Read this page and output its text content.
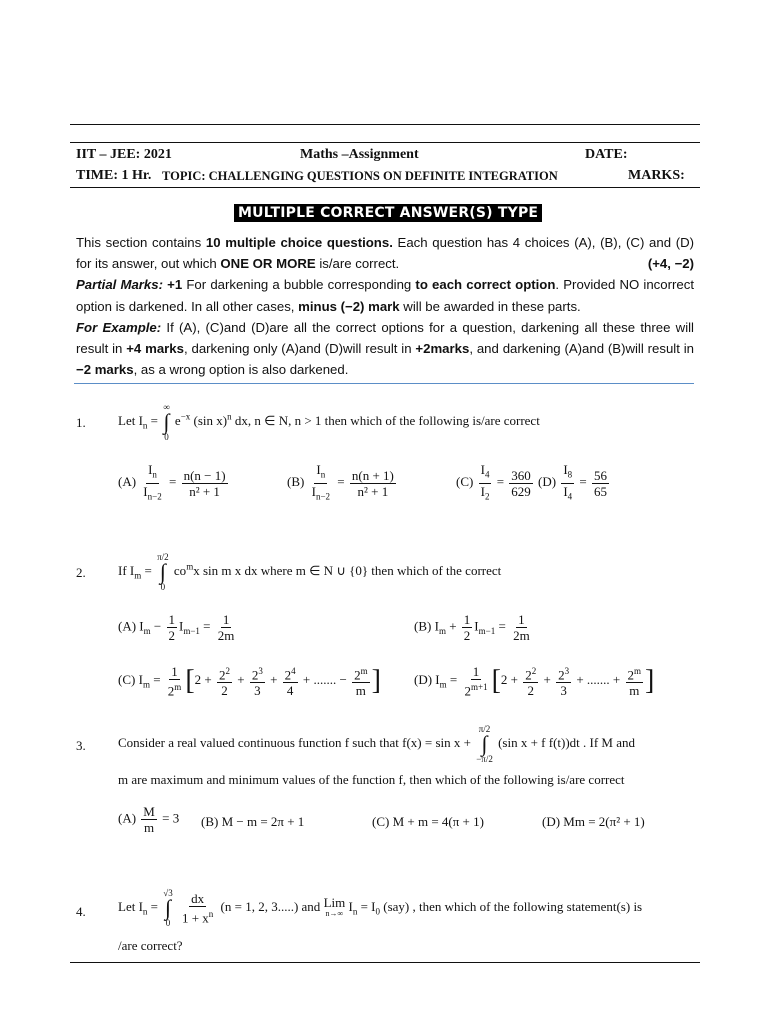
IIT – JEE: 2021	Maths –Assignment	DATE:
TIME: 1 Hr. TOPIC: CHALLENGING QUESTIONS ON DEFINITE INTEGRATION	MARKS:
MULTIPLE CORRECT ANSWER(S) TYPE

This section contains 10 multiple choice questions. Each question has 4 choices (A), (B), (C) and (D) for its answer, out which ONE OR MORE is/are correct.	(+4, −2)

Partial Marks: +1 For darkening a bubble corresponding to each correct option. Provided NO incorrect option is darkened. In all other cases, minus (−2) mark will be awarded in these parts.

For Example: If (A), (C)and (D)are all the correct options for a question, darkening all these three will result in +4 marks, darkening only (A)and (D)will result in +2marks, and darkening (A)and (B)will result in −2 marks, as a wrong option is also darkened.

1. Let $I_n$ =
∞
∫
0
$e^{-x}$ (sin x)$^n$ dx, n ∈ N, n > 1 then which of the following is/are correct
$(A) \frac{I_n}{I_{n-2}} = \frac{n(n - 1)}{\text{n² + 1}}$	$(B) \frac{I_n}{I_{n-2}} = \frac{n(n + 1)}{\text{n² + 1}}$	$(C) \frac{I_4}{I_2} = \frac{360}{629} (D) \frac{I_8}{I_4} = \frac{56}{65}$
2. If $I_m$ =
π/2
∫
0
$co^mx$ sin m x dx where m ∈ N ∪ {0} then which of the correct
(A) $I_m - \frac{1}{2} I_{m-1} = \frac{1}{2m}$	(B) $I_m + \frac{1}{2} I_{m-1} = \frac{1}{2m}$
(C) $I_m = \frac{1}{2^m} [2 + \frac{2^2}{2} + \frac{2^3}{3} + \frac{2^4}{4}$ + ....... − $\frac{2^m}{m}$ ]	(D) $I_m = \frac{1}{2^{m+1}} [2 + \frac{2^2}{2} + \frac{2^3}{3}$ + ....... + $\frac{2^m}{m}$ ]
3. Consider a real valued continuous function f such that f(x) = sin x +
π/2
∫
−π/2
(sin x + f f(t))dt . If M and
m are maximum and minimum values of the function f, then which of the following is/are correct
$(A) \frac{M}{m} = 3$ (B) M − m = 2π + 1	(C) M + m = 4(π + 1)	(D) Mm = 2(π² + 1)
4. Let $I_n$ =
√3
∫
0
$\frac{dx}{1 + x^n} (n = 1$, 2, 3.....) and Lim
n→∞ $I_n = I_0$ (say) , then which of the following statement(s) is
/are correct?
